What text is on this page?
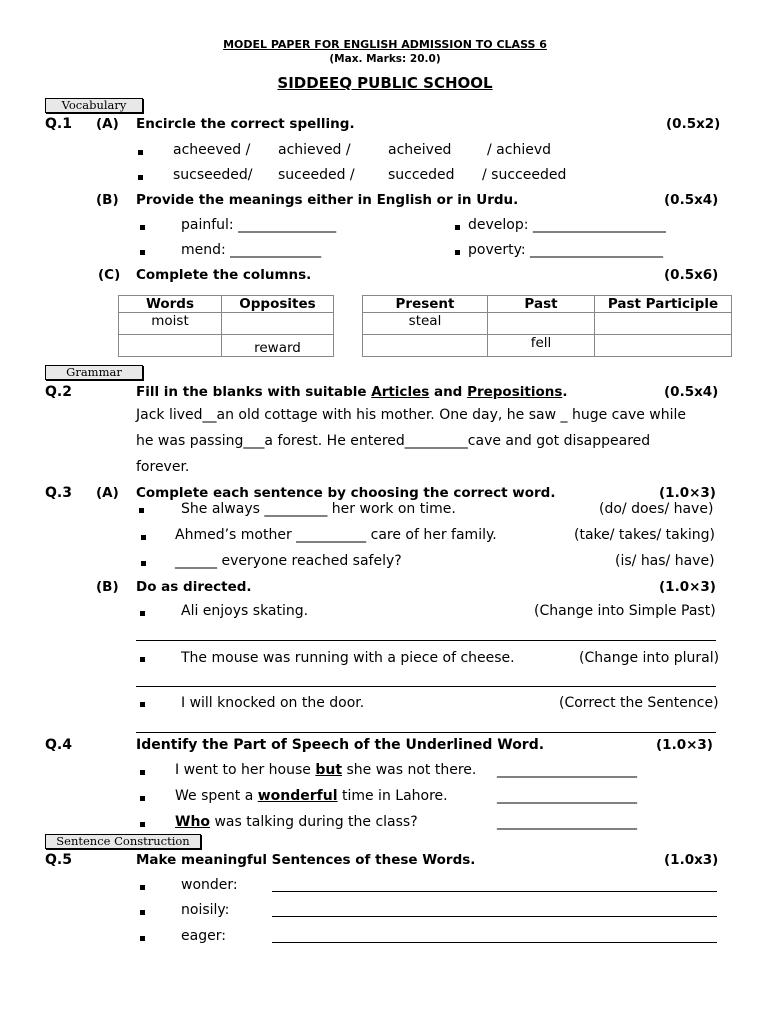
MODEL PAPER FOR ENGLISH ADMISSION TO CLASS 6
(Max. Marks: 20.0)
SIDDEEQ PUBLIC SCHOOL
Vocabulary
Q.1 (A) Encircle the correct spelling.	(0.5x2)
acheeved / achieved /	acheived	/ achievd
sucseeded/ suceeded / succeded / succeeded
(B) Provide the meanings either in English or in Urdu.	(0.5x4)
painful: ______________	develop: ___________________
mend: _____________	poverty: ___________________
(C) Complete the columns.	(0.5x6)
Words	Opposites
moist	
	reward
Present	Past	Past Participle
steal		
	fell	
Grammar
Q.2	Fill in the blanks with suitable Articles and Prepositions.	(0.5x4)
Jack lived__an old cottage with his mother. One day, he saw _ huge cave while
he was passing___a forest. He entered_________cave and got disappeared
forever.
Q.3 (A) Complete each sentence by choosing the correct word.	(1.0×3)
She always _________ her work on time.	(do/ does/ have)
Ahmed’s mother __________ care of her family.	(take/ takes/ taking)
______ everyone reached safely?	(is/ has/ have)
(B) Do as directed.	(1.0×3)
Ali enjoys skating.	(Change into Simple Past)
The mouse was running with a piece of cheese.	(Change into plural)
I will knocked on the door.	(Correct the Sentence)
Q.4	Identify the Part of Speech of the Underlined Word.	(1.0×3)
I went to her house but she was not there. ____________________
We spent a wonderful time in Lahore.	____________________
Who was talking during the class?	____________________
Sentence Construction
Q.5	Make meaningful Sentences of these Words.	(1.0x3)
wonder:
noisily:
eager:
